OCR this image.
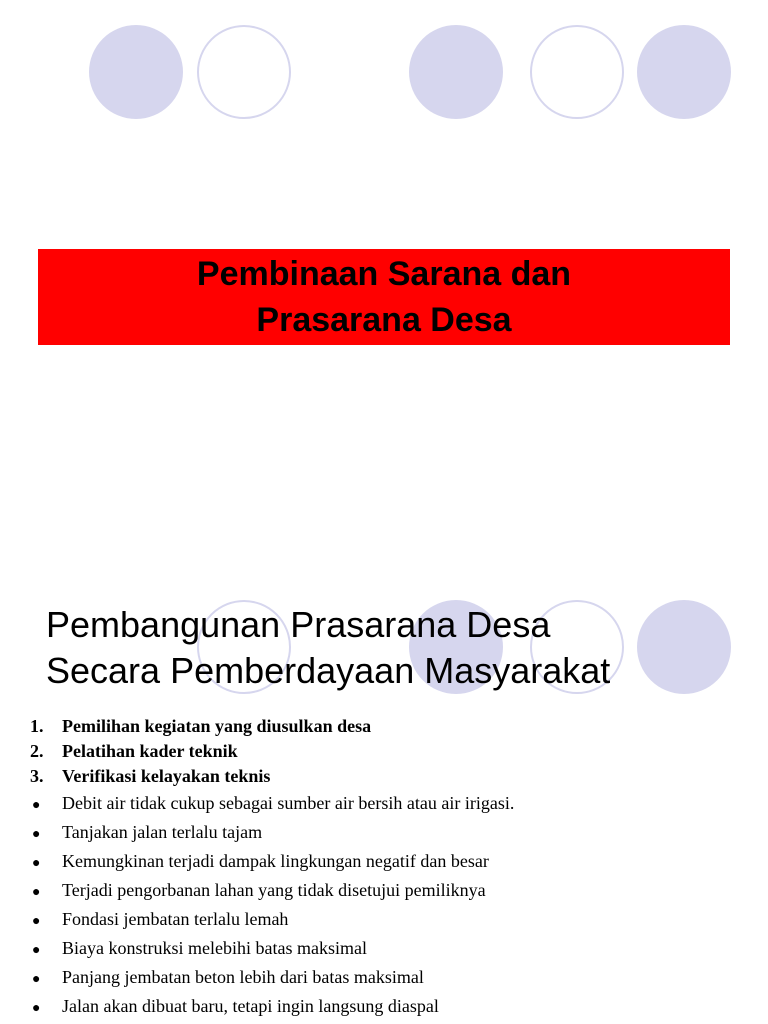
Pembinaan Sarana dan
Prasarana Desa
Pembangunan Prasarana Desa
Secara Pemberdayaan Masyarakat
1.	Pemilihan kegiatan yang diusulkan desa
2.	Pelatihan kader teknik
3.	Verifikasi kelayakan teknis
●	Debit air tidak cukup sebagai sumber air bersih atau air irigasi.
●	Tanjakan jalan terlalu tajam
●	Kemungkinan terjadi dampak lingkungan negatif dan besar
●	Terjadi pengorbanan lahan yang tidak disetujui pemiliknya
●	Fondasi jembatan terlalu lemah
●	Biaya konstruksi melebihi batas maksimal
●	Panjang jembatan beton lebih dari batas maksimal
●	Jalan akan dibuat baru, tetapi ingin langsung diaspal
